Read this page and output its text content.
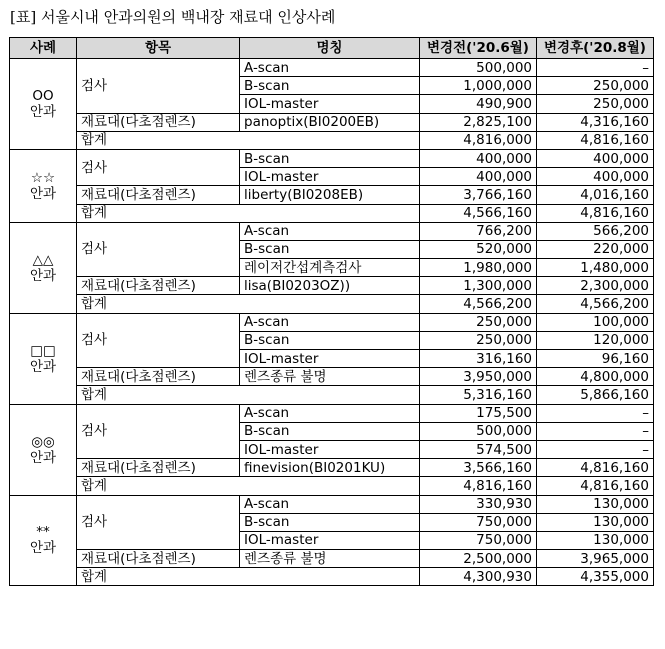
[표] 서울시내 안과의원의 백내장 재료대 인상사례
사례	항목	명칭	변경전('20.6월)	변경후('20.8월)

OO
안과	검사	A-scan	500,000	–
		B-scan	1,000,000	250,000
		IOL-master	490,900	250,000
	재료대(다초점렌즈)	panoptix(BI0200EB)	2,825,100	4,316,160
	합계		4,816,000	4,816,160

☆☆
안과	검사	B-scan	400,000	400,000
		IOL-master	400,000	400,000
	재료대(다초점렌즈)	liberty(BI0208EB)	3,766,160	4,016,160
	합계		4,566,160	4,816,160

△△
안과	검사	A-scan	766,200	566,200
		B-scan	520,000	220,000
		레이저간섭계측검사	1,980,000	1,480,000
	재료대(다초점렌즈)	lisa(BI0203OZ))	1,300,000	2,300,000
	합계		4,566,200	4,566,200

□□
안과	검사	A-scan	250,000	100,000
		B-scan	250,000	120,000
		IOL-master	316,160	96,160
	재료대(다초점렌즈)	렌즈종류 불명	3,950,000	4,800,000
	합계		5,316,160	5,866,160

◎◎
안과	검사	A-scan	175,500	–
		B-scan	500,000	–
		IOL-master	574,500	–
	재료대(다초점렌즈)	finevision(BI0201KU)	3,566,160	4,816,160
	합계		4,816,160	4,816,160

**
안과	검사	A-scan	330,930	130,000
		B-scan	750,000	130,000
		IOL-master	750,000	130,000
	재료대(다초점렌즈)	렌즈종류 불명	2,500,000	3,965,000
	합계		4,300,930	4,355,000
